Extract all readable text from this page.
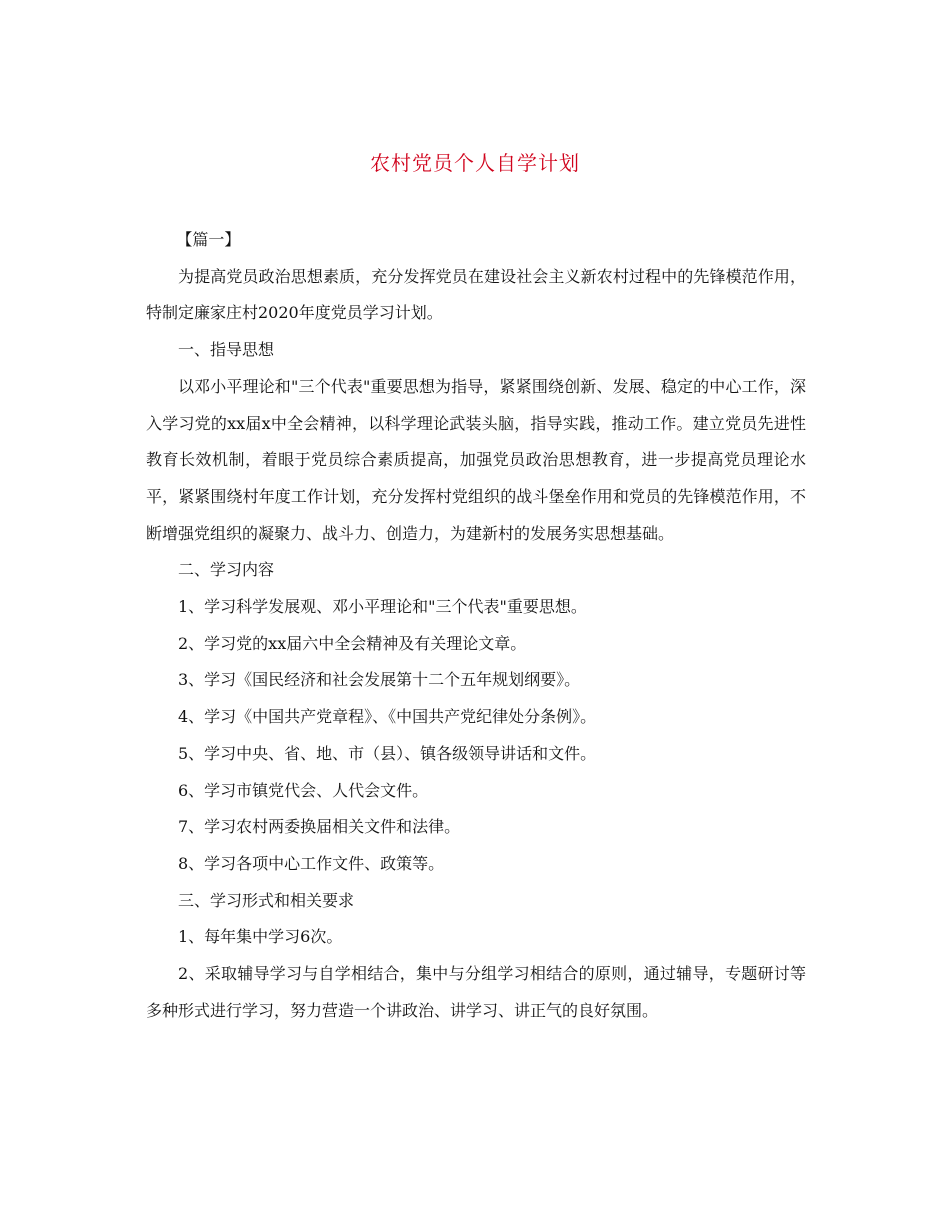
农村党员个人自学计划

【篇一】

为提高党员政治思想素质，充分发挥党员在建设社会主义新农村过程中的先锋模范作用，特制定廉家庄村2020年度党员学习计划。

一、指导思想

以邓小平理论和"三个代表"重要思想为指导，紧紧围绕创新、发展、稳定的中心工作，深入学习党的xx届x中全会精神，以科学理论武装头脑，指导实践，推动工作。建立党员先进性教育长效机制，着眼于党员综合素质提高，加强党员政治思想教育，进一步提高党员理论水平，紧紧围绕村年度工作计划，充分发挥村党组织的战斗堡垒作用和党员的先锋模范作用，不断增强党组织的凝聚力、战斗力、创造力，为建新村的发展务实思想基础。

二、学习内容

1、学习科学发展观、邓小平理论和"三个代表"重要思想。

2、学习党的xx届六中全会精神及有关理论文章。

3、学习《国民经济和社会发展第十二个五年规划纲要》。

4、学习《中国共产党章程》、《中国共产党纪律处分条例》。

5、学习中央、省、地、市（县）、镇各级领导讲话和文件。

6、学习市镇党代会、人代会文件。

7、学习农村两委换届相关文件和法律。

8、学习各项中心工作文件、政策等。

三、学习形式和相关要求

1、每年集中学习6次。

2、采取辅导学习与自学相结合，集中与分组学习相结合的原则，通过辅导，专题研讨等多种形式进行学习，努力营造一个讲政治、讲学习、讲正气的良好氛围。
